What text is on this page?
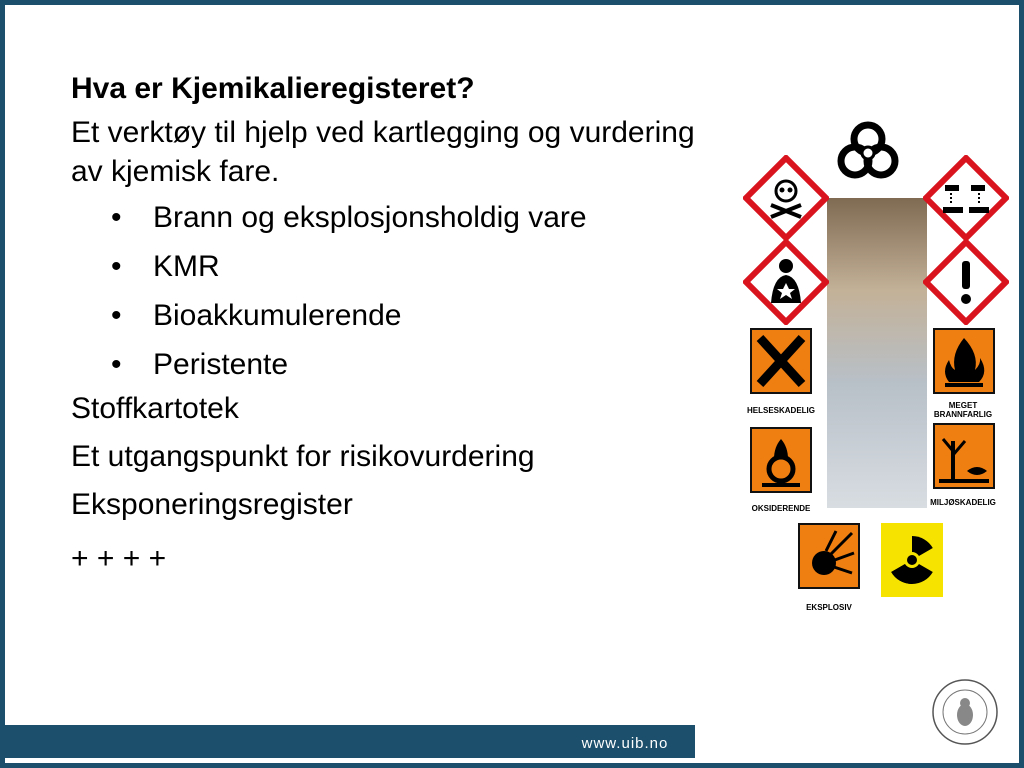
Hva er Kjemikalieregisteret?
Et verktøy til hjelp ved kartlegging og vurdering av kjemisk fare.
• Brann og eksplosjonsholdig vare
• KMR
• Bioakkumulerende
• Peristente
Stoffkartotek
Et utgangspunkt for risikovurdering
Eksponeringsregister
+ + + +
HELSESKADELIG
MEGET BRANNFARLIG
OKSIDERENDE
MILJØSKADELIG
EKSPLOSIV
www.uib.no
